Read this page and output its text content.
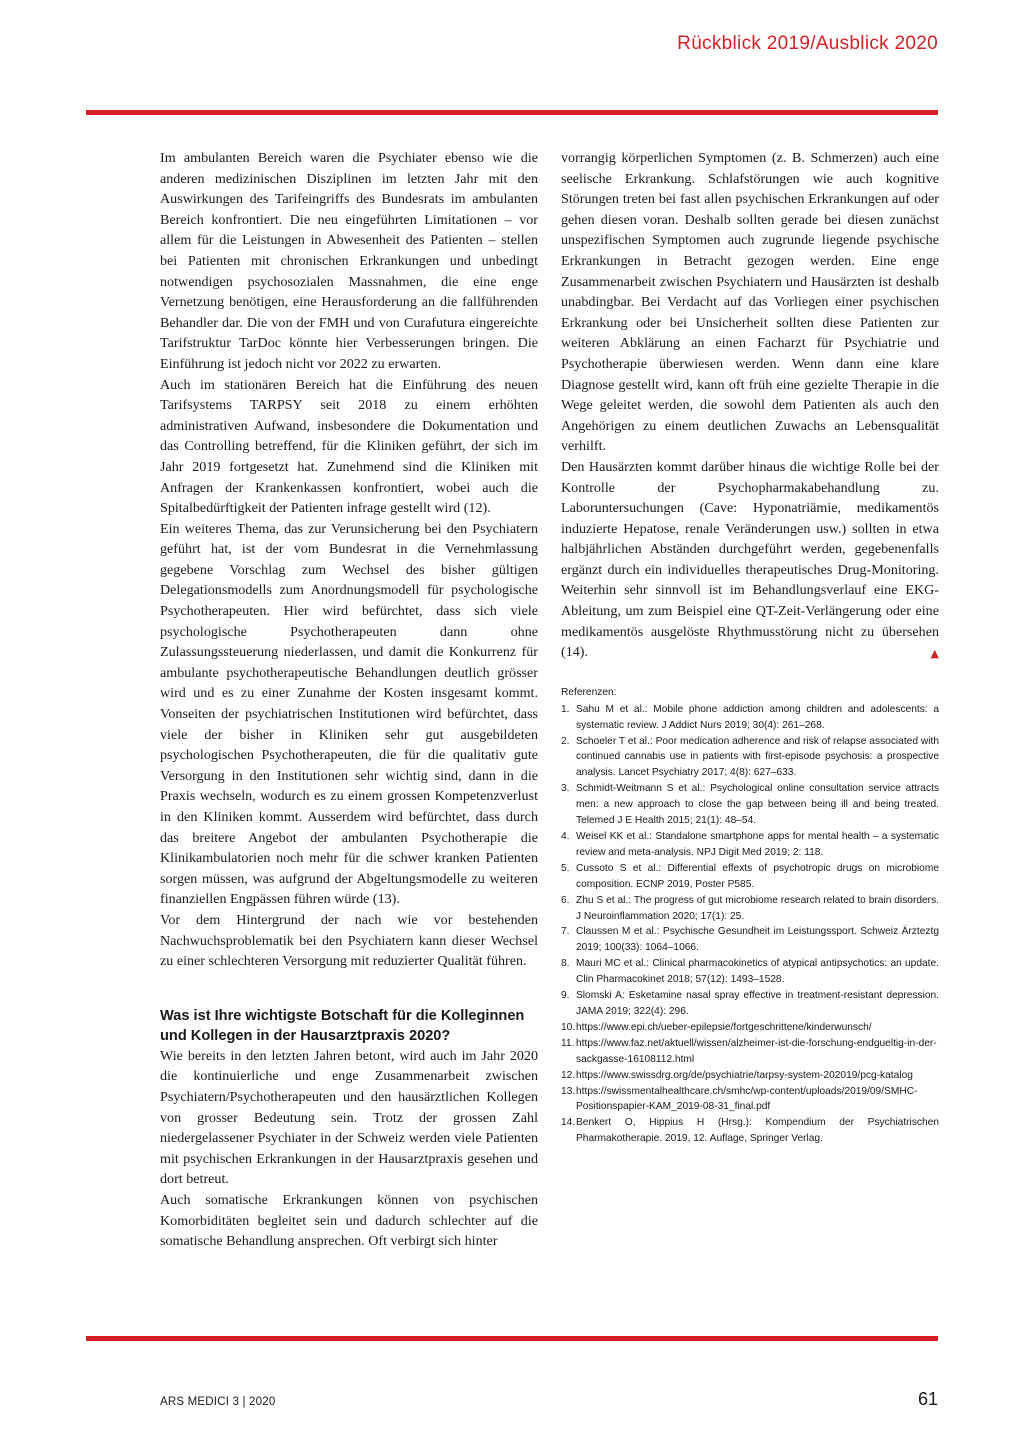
Rückblick 2019/Ausblick 2020

Im ambulanten Bereich waren die Psychiater ebenso wie die anderen medizinischen Disziplinen im letzten Jahr mit den Auswirkungen des Tarifeingriffs des Bundesrats im ambulanten Bereich konfrontiert. Die neu eingeführten Limitationen – vor allem für die Leistungen in Abwesenheit des Patienten – stellen bei Patienten mit chronischen Erkrankungen und unbedingt notwendigen psychosozialen Massnahmen, die eine enge Vernetzung benötigen, eine Herausforderung an die fallführenden Behandler dar. Die von der FMH und von Curafutura eingereichte Tarifstruktur TarDoc könnte hier Verbesserungen bringen. Die Einführung ist jedoch nicht vor 2022 zu erwarten.

Auch im stationären Bereich hat die Einführung des neuen Tarifsystems TARPSY seit 2018 zu einem erhöhten administrativen Aufwand, insbesondere die Dokumentation und das Controlling betreffend, für die Kliniken geführt, der sich im Jahr 2019 fortgesetzt hat. Zunehmend sind die Kliniken mit Anfragen der Krankenkassen konfrontiert, wobei auch die Spitalbedürftigkeit der Patienten infrage gestellt wird (12).

Ein weiteres Thema, das zur Verunsicherung bei den Psychiatern geführt hat, ist der vom Bundesrat in die Vernehmlassung gegebene Vorschlag zum Wechsel des bisher gültigen Delegationsmodells zum Anordnungsmodell für psychologische Psychotherapeuten. Hier wird befürchtet, dass sich viele psychologische Psychotherapeuten dann ohne Zulassungssteuerung niederlassen, und damit die Konkurrenz für ambulante psychotherapeutische Behandlungen deutlich grösser wird und es zu einer Zunahme der Kosten insgesamt kommt. Vonseiten der psychiatrischen Institutionen wird befürchtet, dass viele der bisher in Kliniken sehr gut ausgebildeten psychologischen Psychotherapeuten, die für die qualitativ gute Versorgung in den Institutionen sehr wichtig sind, dann in die Praxis wechseln, wodurch es zu einem grossen Kompetenzverlust in den Kliniken kommt. Ausserdem wird befürchtet, dass durch das breitere Angebot der ambulanten Psychotherapie die Klinikambulatorien noch mehr für die schwer kranken Patienten sorgen müssen, was aufgrund der Abgeltungsmodelle zu weiteren finanziellen Engpässen führen würde (13).

Vor dem Hintergrund der nach wie vor bestehenden Nachwuchsproblematik bei den Psychiatern kann dieser Wechsel zu einer schlechteren Versorgung mit reduzierter Qualität führen.

Was ist Ihre wichtigste Botschaft für die Kolleginnen und Kollegen in der Hausarztpraxis 2020?

Wie bereits in den letzten Jahren betont, wird auch im Jahr 2020 die kontinuierliche und enge Zusammenarbeit zwischen Psychiatern/Psychotherapeuten und den hausärztlichen Kollegen von grosser Bedeutung sein. Trotz der grossen Zahl niedergelassener Psychiater in der Schweiz werden viele Patienten mit psychischen Erkrankungen in der Hausarztpraxis gesehen und dort betreut.

Auch somatische Erkrankungen können von psychischen Komorbiditäten begleitet sein und dadurch schlechter auf die somatische Behandlung ansprechen. Oft verbirgt sich hinter

vorrangig körperlichen Symptomen (z. B. Schmerzen) auch eine seelische Erkrankung. Schlafstörungen wie auch kognitive Störungen treten bei fast allen psychischen Erkrankungen auf oder gehen diesen voran. Deshalb sollten gerade bei diesen zunächst unspezifischen Symptomen auch zugrunde liegende psychische Erkrankungen in Betracht gezogen werden. Eine enge Zusammenarbeit zwischen Psychiatern und Hausärzten ist deshalb unabdingbar. Bei Verdacht auf das Vorliegen einer psychischen Erkrankung oder bei Unsicherheit sollten diese Patienten zur weiteren Abklärung an einen Facharzt für Psychiatrie und Psychotherapie überwiesen werden. Wenn dann eine klare Diagnose gestellt wird, kann oft früh eine gezielte Therapie in die Wege geleitet werden, die sowohl dem Patienten als auch den Angehörigen zu einem deutlichen Zuwachs an Lebensqualität verhilft.

Den Hausärzten kommt darüber hinaus die wichtige Rolle bei der Kontrolle der Psychopharmakabehandlung zu. Laboruntersuchungen (Cave: Hyponatriämie, medikamentös induzierte Hepatose, renale Veränderungen usw.) sollten in etwa halbjährlichen Abständen durchgeführt werden, gegebenenfalls ergänzt durch ein individuelles therapeutisches Drug-Monitoring. Weiterhin sehr sinnvoll ist im Behandlungsverlauf eine EKG-Ableitung, um zum Beispiel eine QT-Zeit-Verlängerung oder eine medikamentös ausgelöste Rhythmusstörung nicht zu übersehen (14).	▲

Referenzen:
1. Sahu M et al.: Mobile phone addiction among children and adolescents: a systematic review. J Addict Nurs 2019; 30(4): 261–268.
2. Schoeler T et al.: Poor medication adherence and risk of relapse associated with continued cannabis use in patients with first-episode psychosis: a prospective analysis. Lancet Psychiatry 2017; 4(8): 627–633.
3. Schmidt-Weitmann S et al.: Psychological online consultation service attracts men: a new approach to close the gap between being ill and being treated. Telemed J E Health 2015; 21(1): 48–54.
4. Weisel KK et al.: Standalone smartphone apps for mental health – a systematic review and meta-analysis. NPJ Digit Med 2019; 2: 118.
5. Cussoto S et al.: Differential effexts of psychotropic drugs on microbiome composition. ECNP 2019, Poster P585.
6. Zhu S et al.: The progress of gut microbiome research related to brain disorders. J Neuroinflammation 2020; 17(1): 25.
7. Claussen M et al.: Psychische Gesundheit im Leistungssport. Schweiz Ärzteztg 2019; 100(33): 1064–1066.
8. Mauri MC et al.: Clinical pharmacokinetics of atypical antipsychotics: an update. Clin Pharmacokinet 2018; 57(12): 1493–1528.
9. Slomski A: Esketamine nasal spray effective in treatment-resistant depression. JAMA 2019; 322(4): 296.
10. https://www.epi.ch/ueber-epilepsie/fortgeschrittene/kinderwunsch/
11. https://www.faz.net/aktuell/wissen/alzheimer-ist-die-forschung-endgueltig-in-der-sackgasse-16108112.html
12. https://www.swissdrg.org/de/psychiatrie/tarpsy-system-202019/pcg-katalog
13. https://swissmentalhealthcare.ch/smhc/wp-content/uploads/2019/09/SMHC-Positionspapier-KAM_2019-08-31_final.pdf
14. Benkert O, Hippius H (Hrsg.): Kompendium der Psychiatrischen Pharmakotherapie. 2019, 12. Auflage, Springer Verlag.
ARS MEDICI 3 | 2020	61
